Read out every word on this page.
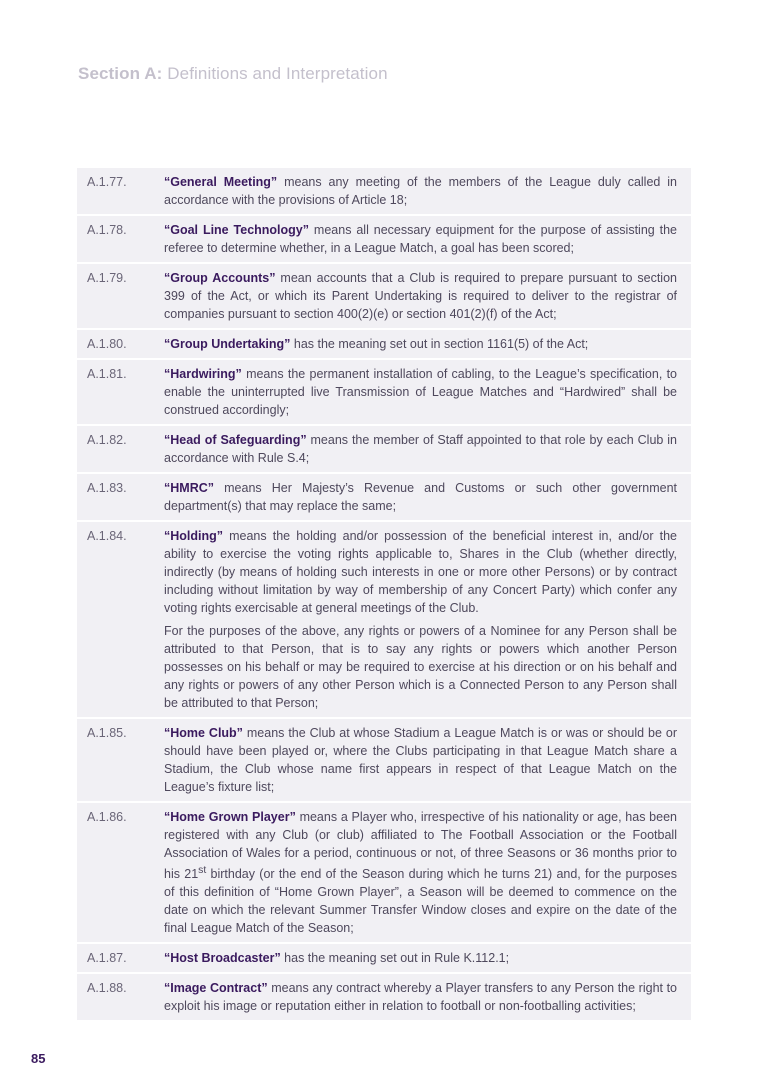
Section A: Definitions and Interpretation
A.1.77.	“General Meeting” means any meeting of the members of the League duly called in accordance with the provisions of Article 18;

A.1.78.	“Goal Line Technology” means all necessary equipment for the purpose of assisting the referee to determine whether, in a League Match, a goal has been scored;

A.1.79.	“Group Accounts” mean accounts that a Club is required to prepare pursuant to section 399 of the Act, or which its Parent Undertaking is required to deliver to the registrar of companies pursuant to section 400(2)(e) or section 401(2)(f) of the Act;

A.1.80.	“Group Undertaking” has the meaning set out in section 1161(5) of the Act;

A.1.81.	“Hardwiring” means the permanent installation of cabling, to the League’s specification, to enable the uninterrupted live Transmission of League Matches and “Hardwired” shall be construed accordingly;

A.1.82.	“Head of Safeguarding” means the member of Staff appointed to that role by each Club in accordance with Rule S.4;

A.1.83.	“HMRC” means Her Majesty’s Revenue and Customs or such other government department(s) that may replace the same;

A.1.84.	“Holding” means the holding and/or possession of the beneficial interest in, and/or the ability to exercise the voting rights applicable to, Shares in the Club (whether directly, indirectly (by means of holding such interests in one or more other Persons) or by contract including without limitation by way of membership of any Concert Party) which confer any voting rights exercisable at general meetings of the Club.

For the purposes of the above, any rights or powers of a Nominee for any Person shall be attributed to that Person, that is to say any rights or powers which another Person possesses on his behalf or may be required to exercise at his direction or on his behalf and any rights or powers of any other Person which is a Connected Person to any Person shall be attributed to that Person;

A.1.85.	“Home Club” means the Club at whose Stadium a League Match is or was or should be or should have been played or, where the Clubs participating in that League Match share a Stadium, the Club whose name first appears in respect of that League Match on the League’s fixture list;

A.1.86.	“Home Grown Player” means a Player who, irrespective of his nationality or age, has been registered with any Club (or club) affiliated to The Football Association or the Football Association of Wales for a period, continuous or not, of three Seasons or 36 months prior to his 21st birthday (or the end of the Season during which he turns 21) and, for the purposes of this definition of “Home Grown Player”, a Season will be deemed to commence on the date on which the relevant Summer Transfer Window closes and expire on the date of the final League Match of the Season;

A.1.87.	“Host Broadcaster” has the meaning set out in Rule K.112.1;

A.1.88.	“Image Contract” means any contract whereby a Player transfers to any Person the right to exploit his image or reputation either in relation to football or non-footballing activities;

85
